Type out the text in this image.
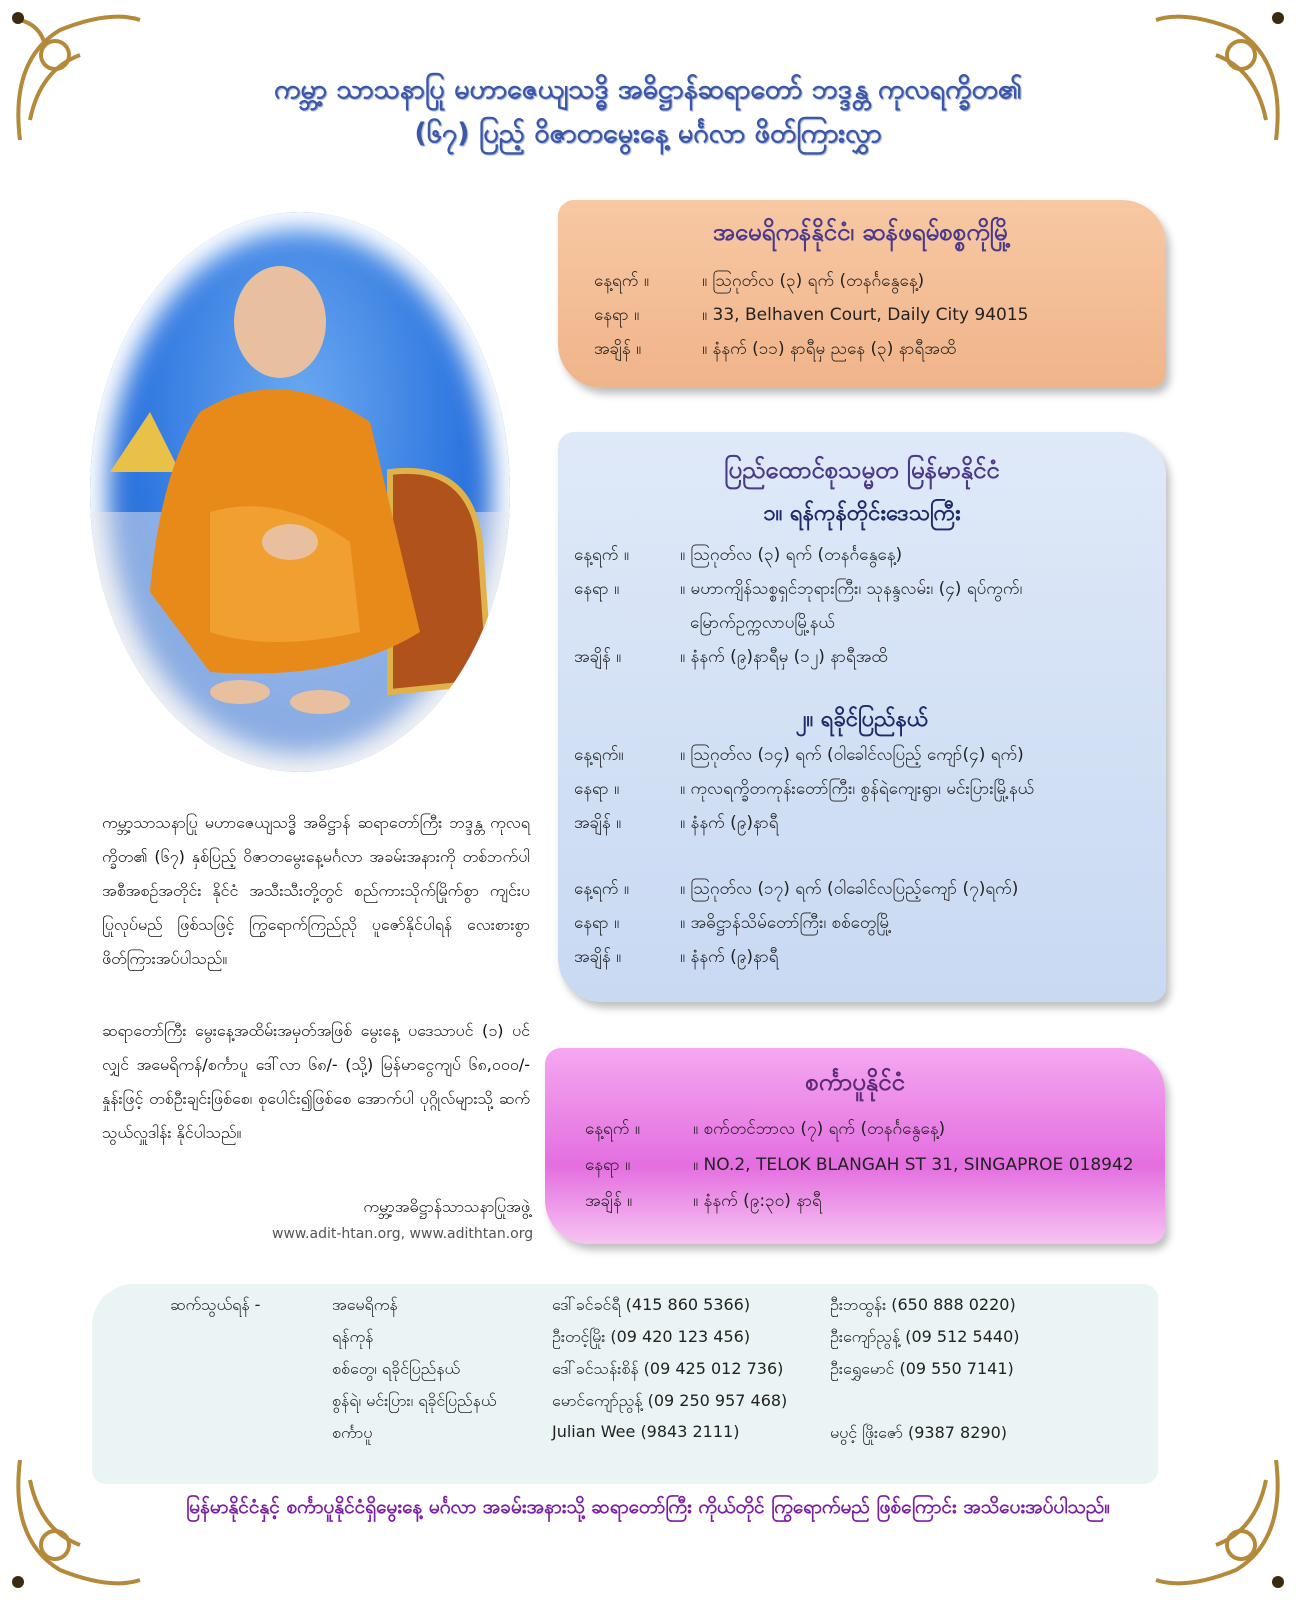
ကမ္ဘာ့ သာသနာပြု မဟာဇေယျသဒ္ဓိ အဓိဋ္ဌာန်ဆရာတော် ဘဒ္ဒန္တ ကုလရက္ခိတ၏
(၆၇) ပြည့် ဝိဇာတမွေးနေ့ မင်္ဂလာ ဖိတ်ကြားလွှာ
အမေရိကန်နိုင်ငံ၊ ဆန်ဖရမ်စစ္စကိုမြို့
နေ့ရက် ။	။ ဩဂုတ်လ (၃) ရက် (တနင်္ဂနွေနေ့)
နေရာ ။	။ 33, Belhaven Court, Daily City 94015
အချိန် ။	။ နံနက် (၁၁) နာရီမှ ညနေ (၃) နာရီအထိ
ပြည်ထောင်စုသမ္မတ မြန်မာနိုင်ငံ
၁။ ရန်ကုန်တိုင်းဒေသကြီး
နေ့ရက် ။	။ ဩဂုတ်လ (၃) ရက် (တနင်္ဂနွေနေ့)
နေရာ ။	။ မဟာကျိန်သစ္စရှင်ဘုရားကြီး၊ သုနန္ဒလမ်း၊ (၄) ရပ်ကွက်၊
မြောက်ဥက္ကလာပမြို့နယ်
အချိန် ။	။ နံနက် (၉)နာရီမှ (၁၂) နာရီအထိ
၂။ ရခိုင်ပြည်နယ်
နေ့ရက်။	။ ဩဂုတ်လ (၁၄) ရက် (ဝါခေါင်လပြည့် ကျော်(၄) ရက်)
နေရာ ။	။ ကုလရက္ခိတကုန်းတော်ကြီး၊ စွန်ရဲကျေးရွာ၊ မင်းပြားမြို့နယ်
အချိန် ။	။ နံနက် (၉)နာရီ
နေ့ရက် ။	။ ဩဂုတ်လ (၁၇) ရက် (ဝါခေါင်လပြည့်ကျော် (၇)ရက်)
နေရာ ။	။ အဓိဋ္ဌာန်သိမ်တော်ကြီး၊ စစ်တွေမြို့
အချိန် ။	။ နံနက် (၉)နာရီ
စင်္ကာပူနိုင်ငံ
နေ့ရက် ။	။ စက်တင်ဘာလ (၇) ရက် (တနင်္ဂနွေနေ့)
နေရာ ။	။ NO.2, TELOK BLANGAH ST 31, SINGAPROE 018942
အချိန် ။	။ နံနက် (၉:၃၀) နာရီ
ကမ္ဘာ့သာသနာပြု မဟာဇေယျသဒ္ဓိ အဓိဋ္ဌာန် ဆရာတော်ကြီး ဘဒ္ဒန္တ ကုလရက္ခိတ၏ (၆၇) နှစ်ပြည့် ဝိဇာတမွေးနေ့မင်္ဂလာ အခမ်းအနားကို တစ်ဘက်ပါ အစီအစဉ်အတိုင်း နိုင်ငံ အသီးသီးတို့တွင် စည်ကားသိုက်မြိုက်စွာ ကျင်းပပြုလုပ်မည် ဖြစ်သဖြင့် ကြွရောက်ကြည်ညို ပူဇော်နိုင်ပါရန် လေးစားစွာ ဖိတ်ကြားအပ်ပါသည်။
ဆရာတော်ကြီး မွေးနေ့အထိမ်းအမှတ်အဖြစ် မွေးနေ့ ပဒေသာပင် (၁) ပင်လျှင် အမေရိကန်/စင်္ကာပူ ဒေါ်လာ ၆၈/- (သို့) မြန်မာငွေကျပ် ၆၈,၀၀၀/- နှုန်းဖြင့် တစ်ဦးချင်းဖြစ်စေ၊ စုပေါင်း၍ဖြစ်စေ အောက်ပါ ပုဂ္ဂိုလ်များသို့ ဆက်သွယ်လှူဒါန်း နိုင်ပါသည်။
ကမ္ဘာ့အဓိဋ္ဌာန်သာသနာပြုအဖွဲ့
www.adit-htan.org, www.adithtan.org
ဆက်သွယ်ရန် -	အမေရိကန်	ဒေါ်ခင်ခင်ရီ (415 860 5366)	ဦးဘထွန်း (650 888 0220)
ရန်ကုန်	ဦးတင့်မြိုး (09 420 123 456)	ဦးကျော်ညွန့် (09 512 5440)
စစ်တွေ၊ ရခိုင်ပြည်နယ်	ဒေါ်ခင်သန်းစိန် (09 425 012 736)	ဦးရွှေမောင် (09 550 7141)
စွန်ရဲ၊ မင်းပြား၊ ရခိုင်ပြည်နယ်	မောင်ကျော်ညွန့် (09 250 957 468)
စင်္ကာပူ	Julian Wee (9843 2111)	မပွင့် ဖြိုးဇော် (9387 8290)
မြန်မာနိုင်ငံနှင့် စင်္ကာပူနိုင်ငံရှိမွေးနေ့ မင်္ဂလာ အခမ်းအနားသို့ ဆရာတော်ကြီး ကိုယ်တိုင် ကြွရောက်မည် ဖြစ်ကြောင်း အသိပေးအပ်ပါသည်။
